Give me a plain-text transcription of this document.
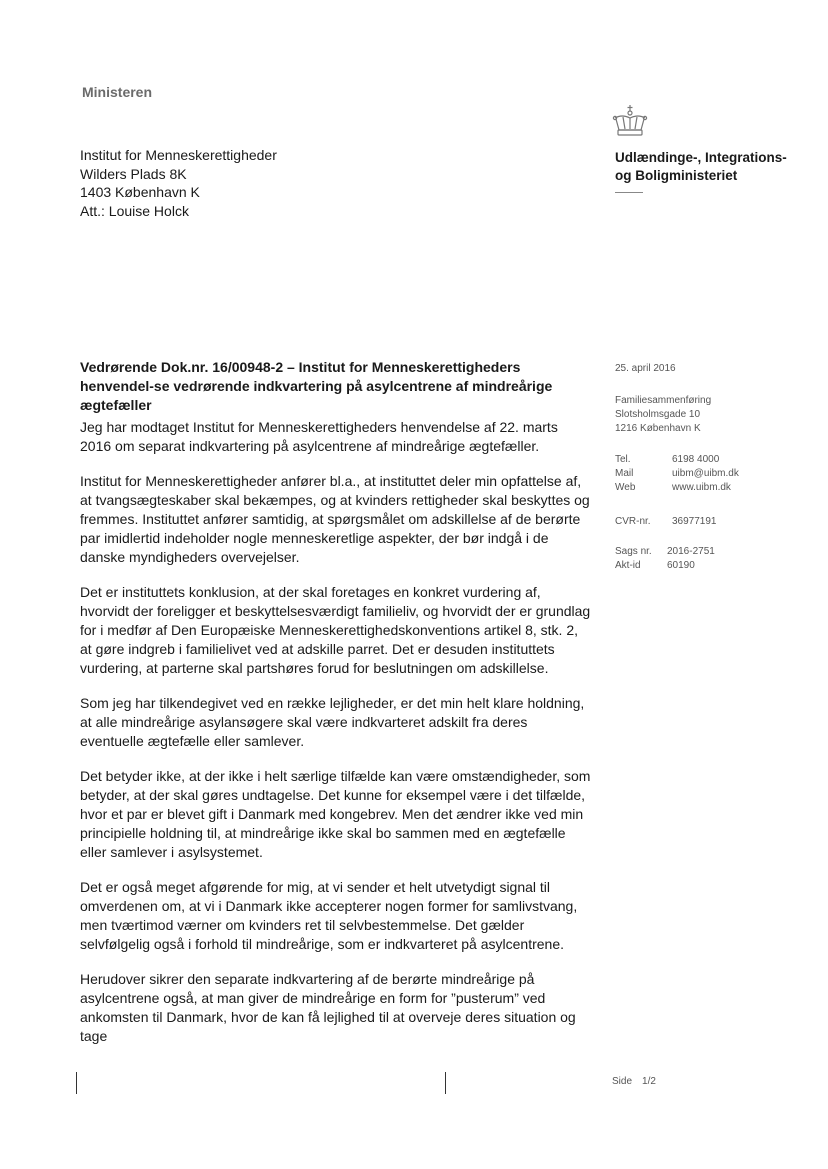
Ministeren
Institut for Menneskerettigheder
Wilders Plads 8K
1403 København K
Att.: Louise Holck
Udlændinge-, Integrations-
og Boligministeriet
Vedrørende Dok.nr. 16/00948-2 – Institut for Menneskerettigheders henvendel-se vedrørende indkvartering på asylcentrene af mindreårige ægtefæller

Jeg har modtaget Institut for Menneskerettigheders henvendelse af 22. marts 2016 om separat indkvartering på asylcentrene af mindreårige ægtefæller.

Institut for Menneskerettigheder anfører bl.a., at instituttet deler min opfattelse af, at tvangsægteskaber skal bekæmpes, og at kvinders rettigheder skal beskyttes og fremmes. Instituttet anfører samtidig, at spørgsmålet om adskillelse af de berørte par imidlertid indeholder nogle menneskeretlige aspekter, der bør indgå i de danske myndigheders overvejelser.

Det er instituttets konklusion, at der skal foretages en konkret vurdering af, hvorvidt der foreligger et beskyttelsesværdigt familieliv, og hvorvidt der er grundlag for i medfør af Den Europæiske Menneskerettighedskonventions artikel 8, stk. 2, at gøre indgreb i familielivet ved at adskille parret. Det er desuden instituttets vurdering, at parterne skal partshøres forud for beslutningen om adskillelse.

Som jeg har tilkendegivet ved en række lejligheder, er det min helt klare holdning, at alle mindreårige asylansøgere skal være indkvarteret adskilt fra deres eventuelle ægtefælle eller samlever.

Det betyder ikke, at der ikke i helt særlige tilfælde kan være omstændigheder, som betyder, at der skal gøres undtagelse. Det kunne for eksempel være i det tilfælde, hvor et par er blevet gift i Danmark med kongebrev. Men det ændrer ikke ved min principielle holdning til, at mindreårige ikke skal bo sammen med en ægtefælle eller samlever i asylsystemet.

Det er også meget afgørende for mig, at vi sender et helt utvetydigt signal til omverdenen om, at vi i Danmark ikke accepterer nogen former for samlivstvang, men tværtimod værner om kvinders ret til selvbestemmelse. Det gælder selvfølgelig også i forhold til mindreårige, som er indkvarteret på asylcentrene.

Herudover sikrer den separate indkvartering af de berørte mindreårige på asylcentrene også, at man giver de mindreårige en form for ”pusterum” ved ankomsten til Danmark, hvor de kan få lejlighed til at overveje deres situation og tage

25. april 2016
Familiesammenføring
Slotsholmsgade 10
1216 København K
Tel.	6198 4000
Mail	uibm@uibm.dk
Web	www.uibm.dk
CVR-nr.	36977191
Sags nr.	2016-2751
Akt-id	60190
Side 1/2
